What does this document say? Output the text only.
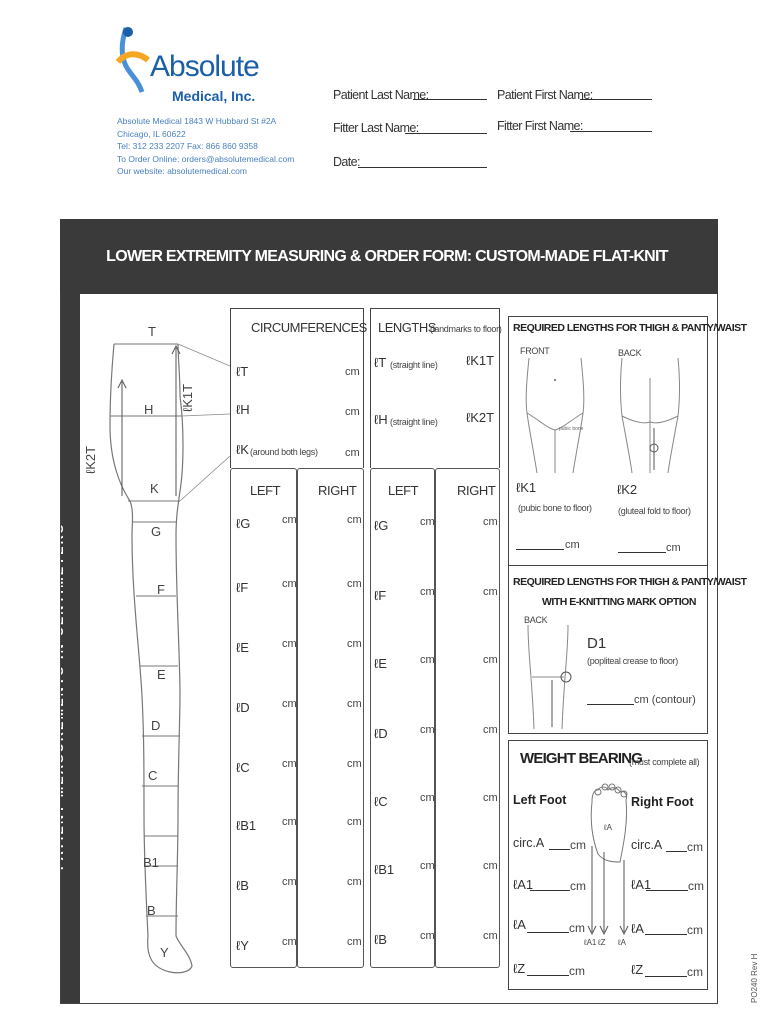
Absolute
Medical, Inc.
Absolute Medical 1843 W Hubbard St #2A
Chicago, IL 60622
Tel: 312 233 2207 Fax: 866 860 9358
To Order Online: orders@absolutemedical.com
Our website: absolutemedical.com
Patient Last Name:	Patient First Name:
Fitter Last Name:	Fitter First Name:
Date:
LOWER EXTREMITY MEASURING & ORDER FORM: CUSTOM-MADE FLAT-KNIT
PATIENT MEASUREMENTS IN CENTIMETERS
T
H
K
G
F
E
D
C
B1
B
Y
ℓK1T
ℓK2T
CIRCUMFERENCES
ℓT	cm
ℓH	cm
ℓK (around both legs) cm
LEFT	RIGHT
ℓG	cm	cm
ℓF	cm	cm
ℓE	cm	cm
ℓD	cm	cm
ℓC	cm	cm
ℓB1 cm	cm
ℓB	cm	cm
ℓY	cm	cm
LENGTHS
(landmarks to floor)
ℓT (straight line) ℓK1T
ℓH (straight line) ℓK2T
LEFT	RIGHT
ℓG	cm	cm
ℓF	cm	cm
ℓE	cm	cm
ℓD	cm	cm
ℓC	cm	cm
ℓB1 cm	cm
ℓB	cm	cm
REQUIRED LENGTHS FOR THIGH & PANTY/WAIST
FRONT	BACK
pubic bone
ℓK1
(pubic bone to floor)
ℓK2
(gluteal fold to floor)
cm	cm
REQUIRED LENGTHS FOR THIGH & PANTY/WAIST
WITH E-KNITTING MARK OPTION
BACK
D1
(popliteal crease to floor)
cm (contour)
WEIGHT BEARING
(must complete all)
Left Foot	Right Foot
ℓA
ℓA1 ℓZ ℓA
circ.A cm
ℓA1	cm
ℓA	cm
ℓZ	cm
circ.A cm
ℓA1	cm
ℓA	cm
ℓZ	cm	PO240 Rev H
